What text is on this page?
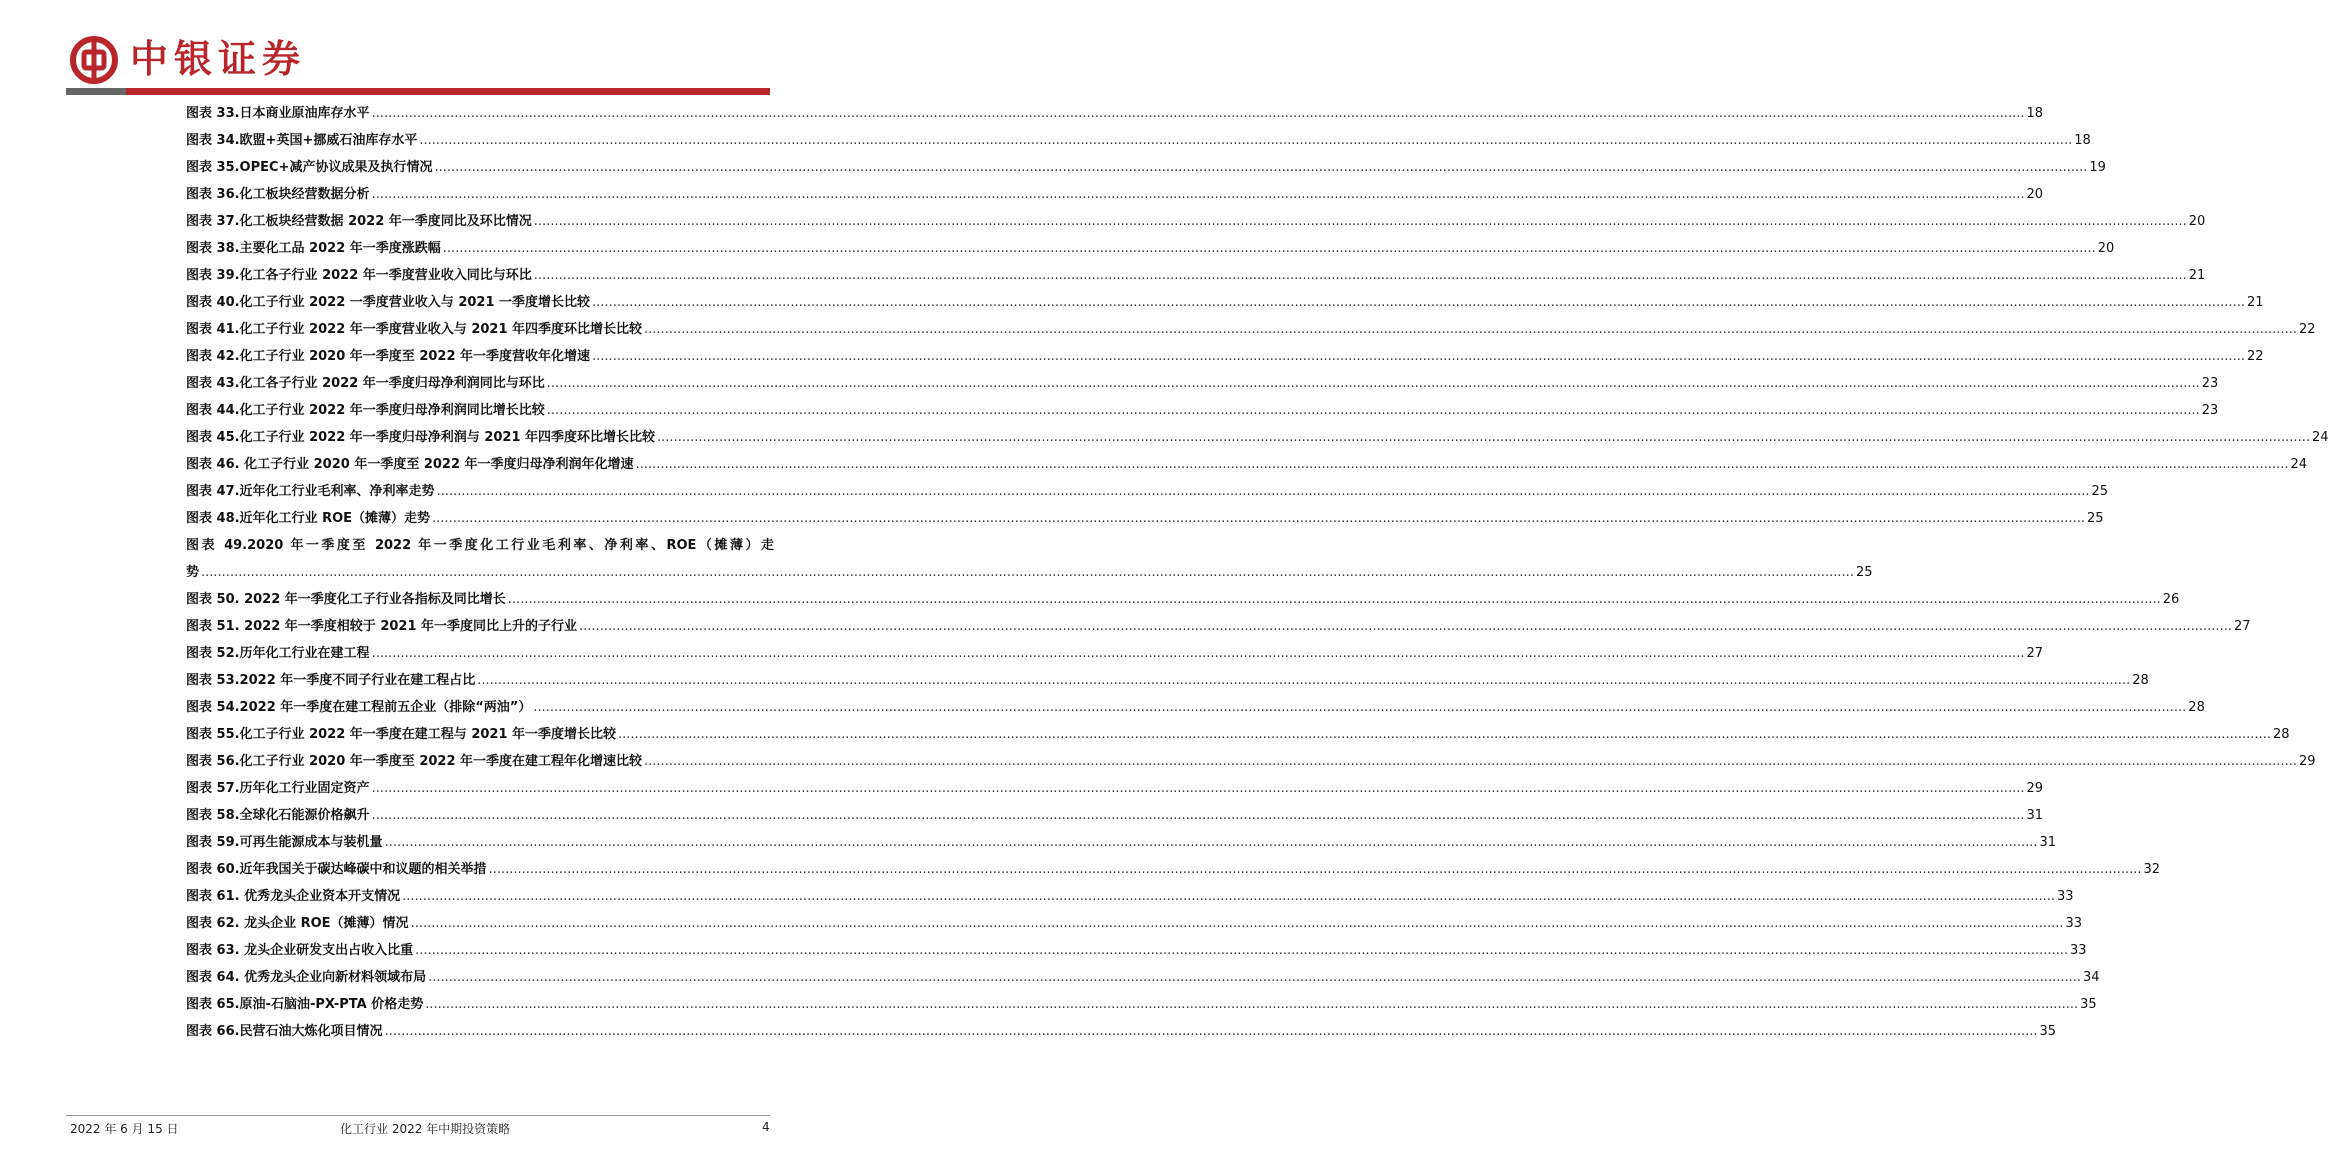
中银证券
图表 33.日本商业原油库存水平 ................................................................................................................................................................................................................................................................................................................................................................................................................ 18
图表 34.欧盟+英国+挪威石油库存水平 ................................................................................................................................................................................................................................................................................................................................................................................................................ 18
图表 35.OPEC+减产协议成果及执行情况 ................................................................................................................................................................................................................................................................................................................................................................................................................ 19
图表 36.化工板块经营数据分析 ................................................................................................................................................................................................................................................................................................................................................................................................................ 20
图表 37.化工板块经营数据 2022 年一季度同比及环比情况 ................................................................................................................................................................................................................................................................................................................................................................................................................ 20
图表 38.主要化工品 2022 年一季度涨跌幅 ................................................................................................................................................................................................................................................................................................................................................................................................................ 20
图表 39.化工各子行业 2022 年一季度营业收入同比与环比 ................................................................................................................................................................................................................................................................................................................................................................................................................ 21
图表 40.化工子行业 2022 一季度营业收入与 2021 一季度增长比较 ................................................................................................................................................................................................................................................................................................................................................................................................................ 21
图表 41.化工子行业 2022 年一季度营业收入与 2021 年四季度环比增长比较 ................................................................................................................................................................................................................................................................................................................................................................................................................ 22
图表 42.化工子行业 2020 年一季度至 2022 年一季度营收年化增速 ................................................................................................................................................................................................................................................................................................................................................................................................................ 22
图表 43.化工各子行业 2022 年一季度归母净利润同比与环比 ................................................................................................................................................................................................................................................................................................................................................................................................................ 23
图表 44.化工子行业 2022 年一季度归母净利润同比增长比较 ................................................................................................................................................................................................................................................................................................................................................................................................................ 23
图表 45.化工子行业 2022 年一季度归母净利润与 2021 年四季度环比增长比较 ................................................................................................................................................................................................................................................................................................................................................................................................................ 24
图表 46. 化工子行业 2020 年一季度至 2022 年一季度归母净利润年化增速 ................................................................................................................................................................................................................................................................................................................................................................................................................ 24
图表 47.近年化工行业毛利率、净利率走势 ................................................................................................................................................................................................................................................................................................................................................................................................................ 25
图表 48.近年化工行业 ROE（摊薄）走势 ................................................................................................................................................................................................................................................................................................................................................................................................................ 25
图表 49.2020 年一季度至 2022 年一季度化工行业毛利率、净利率、ROE（摊薄）走
势 ................................................................................................................................................................................................................................................................................................................................................................................................................ 25
图表 50. 2022 年一季度化工子行业各指标及同比增长 ................................................................................................................................................................................................................................................................................................................................................................................................................ 26
图表 51. 2022 年一季度相较于 2021 年一季度同比上升的子行业 ................................................................................................................................................................................................................................................................................................................................................................................................................ 27
图表 52.历年化工行业在建工程 ................................................................................................................................................................................................................................................................................................................................................................................................................ 27
图表 53.2022 年一季度不同子行业在建工程占比 ................................................................................................................................................................................................................................................................................................................................................................................................................ 28
图表 54.2022 年一季度在建工程前五企业（排除“两油”） ................................................................................................................................................................................................................................................................................................................................................................................................................ 28
图表 55.化工子行业 2022 年一季度在建工程与 2021 年一季度增长比较 ................................................................................................................................................................................................................................................................................................................................................................................................................ 28
图表 56.化工子行业 2020 年一季度至 2022 年一季度在建工程年化增速比较 ................................................................................................................................................................................................................................................................................................................................................................................................................ 29
图表 57.历年化工行业固定资产 ................................................................................................................................................................................................................................................................................................................................................................................................................ 29
图表 58.全球化石能源价格飙升 ................................................................................................................................................................................................................................................................................................................................................................................................................ 31
图表 59.可再生能源成本与装机量 ................................................................................................................................................................................................................................................................................................................................................................................................................ 31
图表 60.近年我国关于碳达峰碳中和议题的相关举措 ................................................................................................................................................................................................................................................................................................................................................................................................................ 32
图表 61. 优秀龙头企业资本开支情况 ................................................................................................................................................................................................................................................................................................................................................................................................................ 33
图表 62. 龙头企业 ROE（摊薄）情况 ................................................................................................................................................................................................................................................................................................................................................................................................................ 33
图表 63. 龙头企业研发支出占收入比重 ................................................................................................................................................................................................................................................................................................................................................................................................................ 33
图表 64. 优秀龙头企业向新材料领域布局 ................................................................................................................................................................................................................................................................................................................................................................................................................ 34
图表 65.原油-石脑油-PX-PTA 价格走势 ................................................................................................................................................................................................................................................................................................................................................................................................................ 35
图表 66.民营石油大炼化项目情况 ................................................................................................................................................................................................................................................................................................................................................................................................................ 35
2022 年 6 月 15 日	化工行业 2022 年中期投资策略	4
